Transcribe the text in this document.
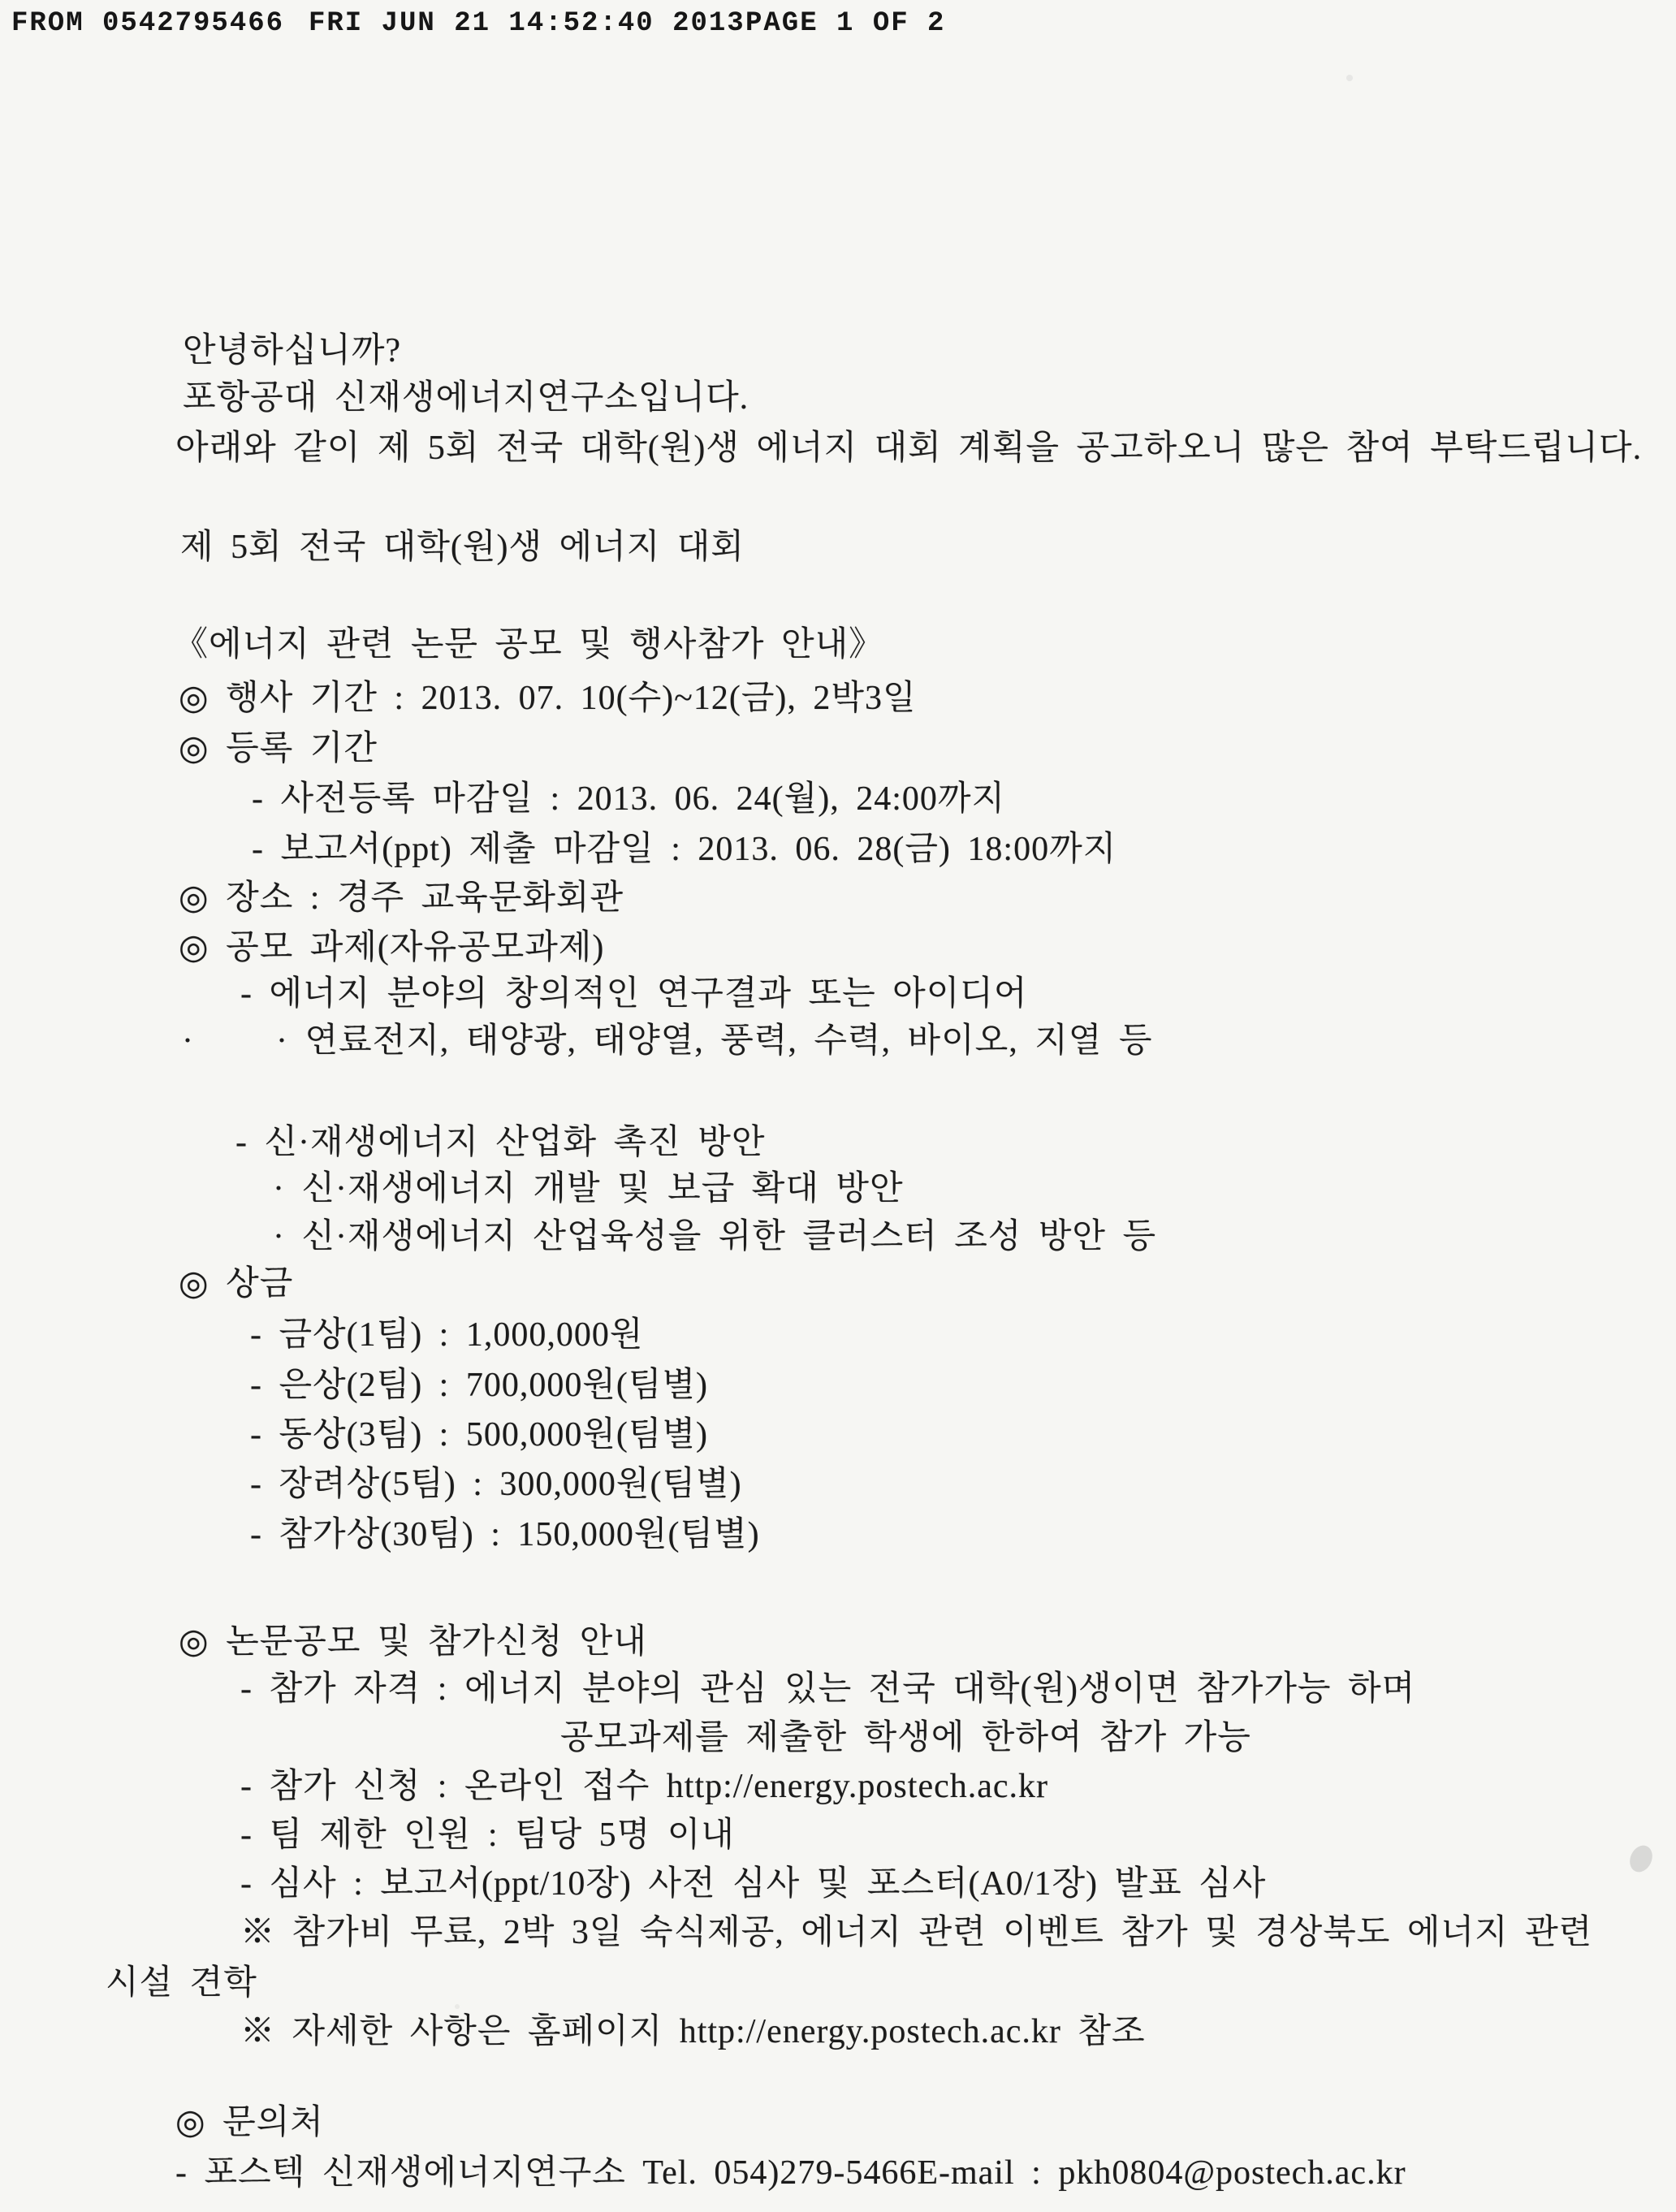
FROM 0542795466 FRI JUN 21 14:52:40 2013 PAGE 1 OF 2
안녕하십니까?
포항공대 신재생에너지연구소입니다.
아래와 같이 제 5회 전국 대학(원)생 에너지 대회 계획을 공고하오니 많은 참여 부탁드립니다.
제 5회 전국 대학(원)생 에너지 대회
《에너지 관련 논문 공모 및 행사참가 안내》
◎ 행사 기간 : 2013. 07. 10(수)~12(금), 2박3일
◎ 등록 기간
- 사전등록 마감일 : 2013. 06. 24(월), 24:00까지
- 보고서(ppt) 제출 마감일 : 2013. 06. 28(금) 18:00까지
◎ 장소 : 경주 교육문화회관
◎ 공모 과제(자유공모과제)
- 에너지 분야의 창의적인 연구결과 또는 아이디어
· · 연료전지, 태양광, 태양열, 풍력, 수력, 바이오, 지열 등
- 신·재생에너지 산업화 촉진 방안
· 신·재생에너지 개발 및 보급 확대 방안
· 신·재생에너지 산업육성을 위한 클러스터 조성 방안 등
◎ 상금
- 금상(1팀) : 1,000,000원
- 은상(2팀) : 700,000원(팀별)
- 동상(3팀) : 500,000원(팀별)
- 장려상(5팀) : 300,000원(팀별)
- 참가상(30팀) : 150,000원(팀별)
◎ 논문공모 및 참가신청 안내
- 참가 자격 : 에너지 분야의 관심 있는 전국 대학(원)생이면 참가가능 하며
공모과제를 제출한 학생에 한하여 참가 가능
- 참가 신청 : 온라인 접수 http://energy.postech.ac.kr
- 팀 제한 인원 : 팀당 5명 이내
- 심사 : 보고서(ppt/10장) 사전 심사 및 포스터(A0/1장) 발표 심사
※ 참가비 무료, 2박 3일 숙식제공, 에너지 관련 이벤트 참가 및 경상북도 에너지 관련
시설 견학
※ 자세한 사항은 홈페이지 http://energy.postech.ac.kr 참조
◎ 문의처
- 포스텍 신재생에너지연구소 Tel. 054)279-5466E-mail : pkh0804@postech.ac.kr
